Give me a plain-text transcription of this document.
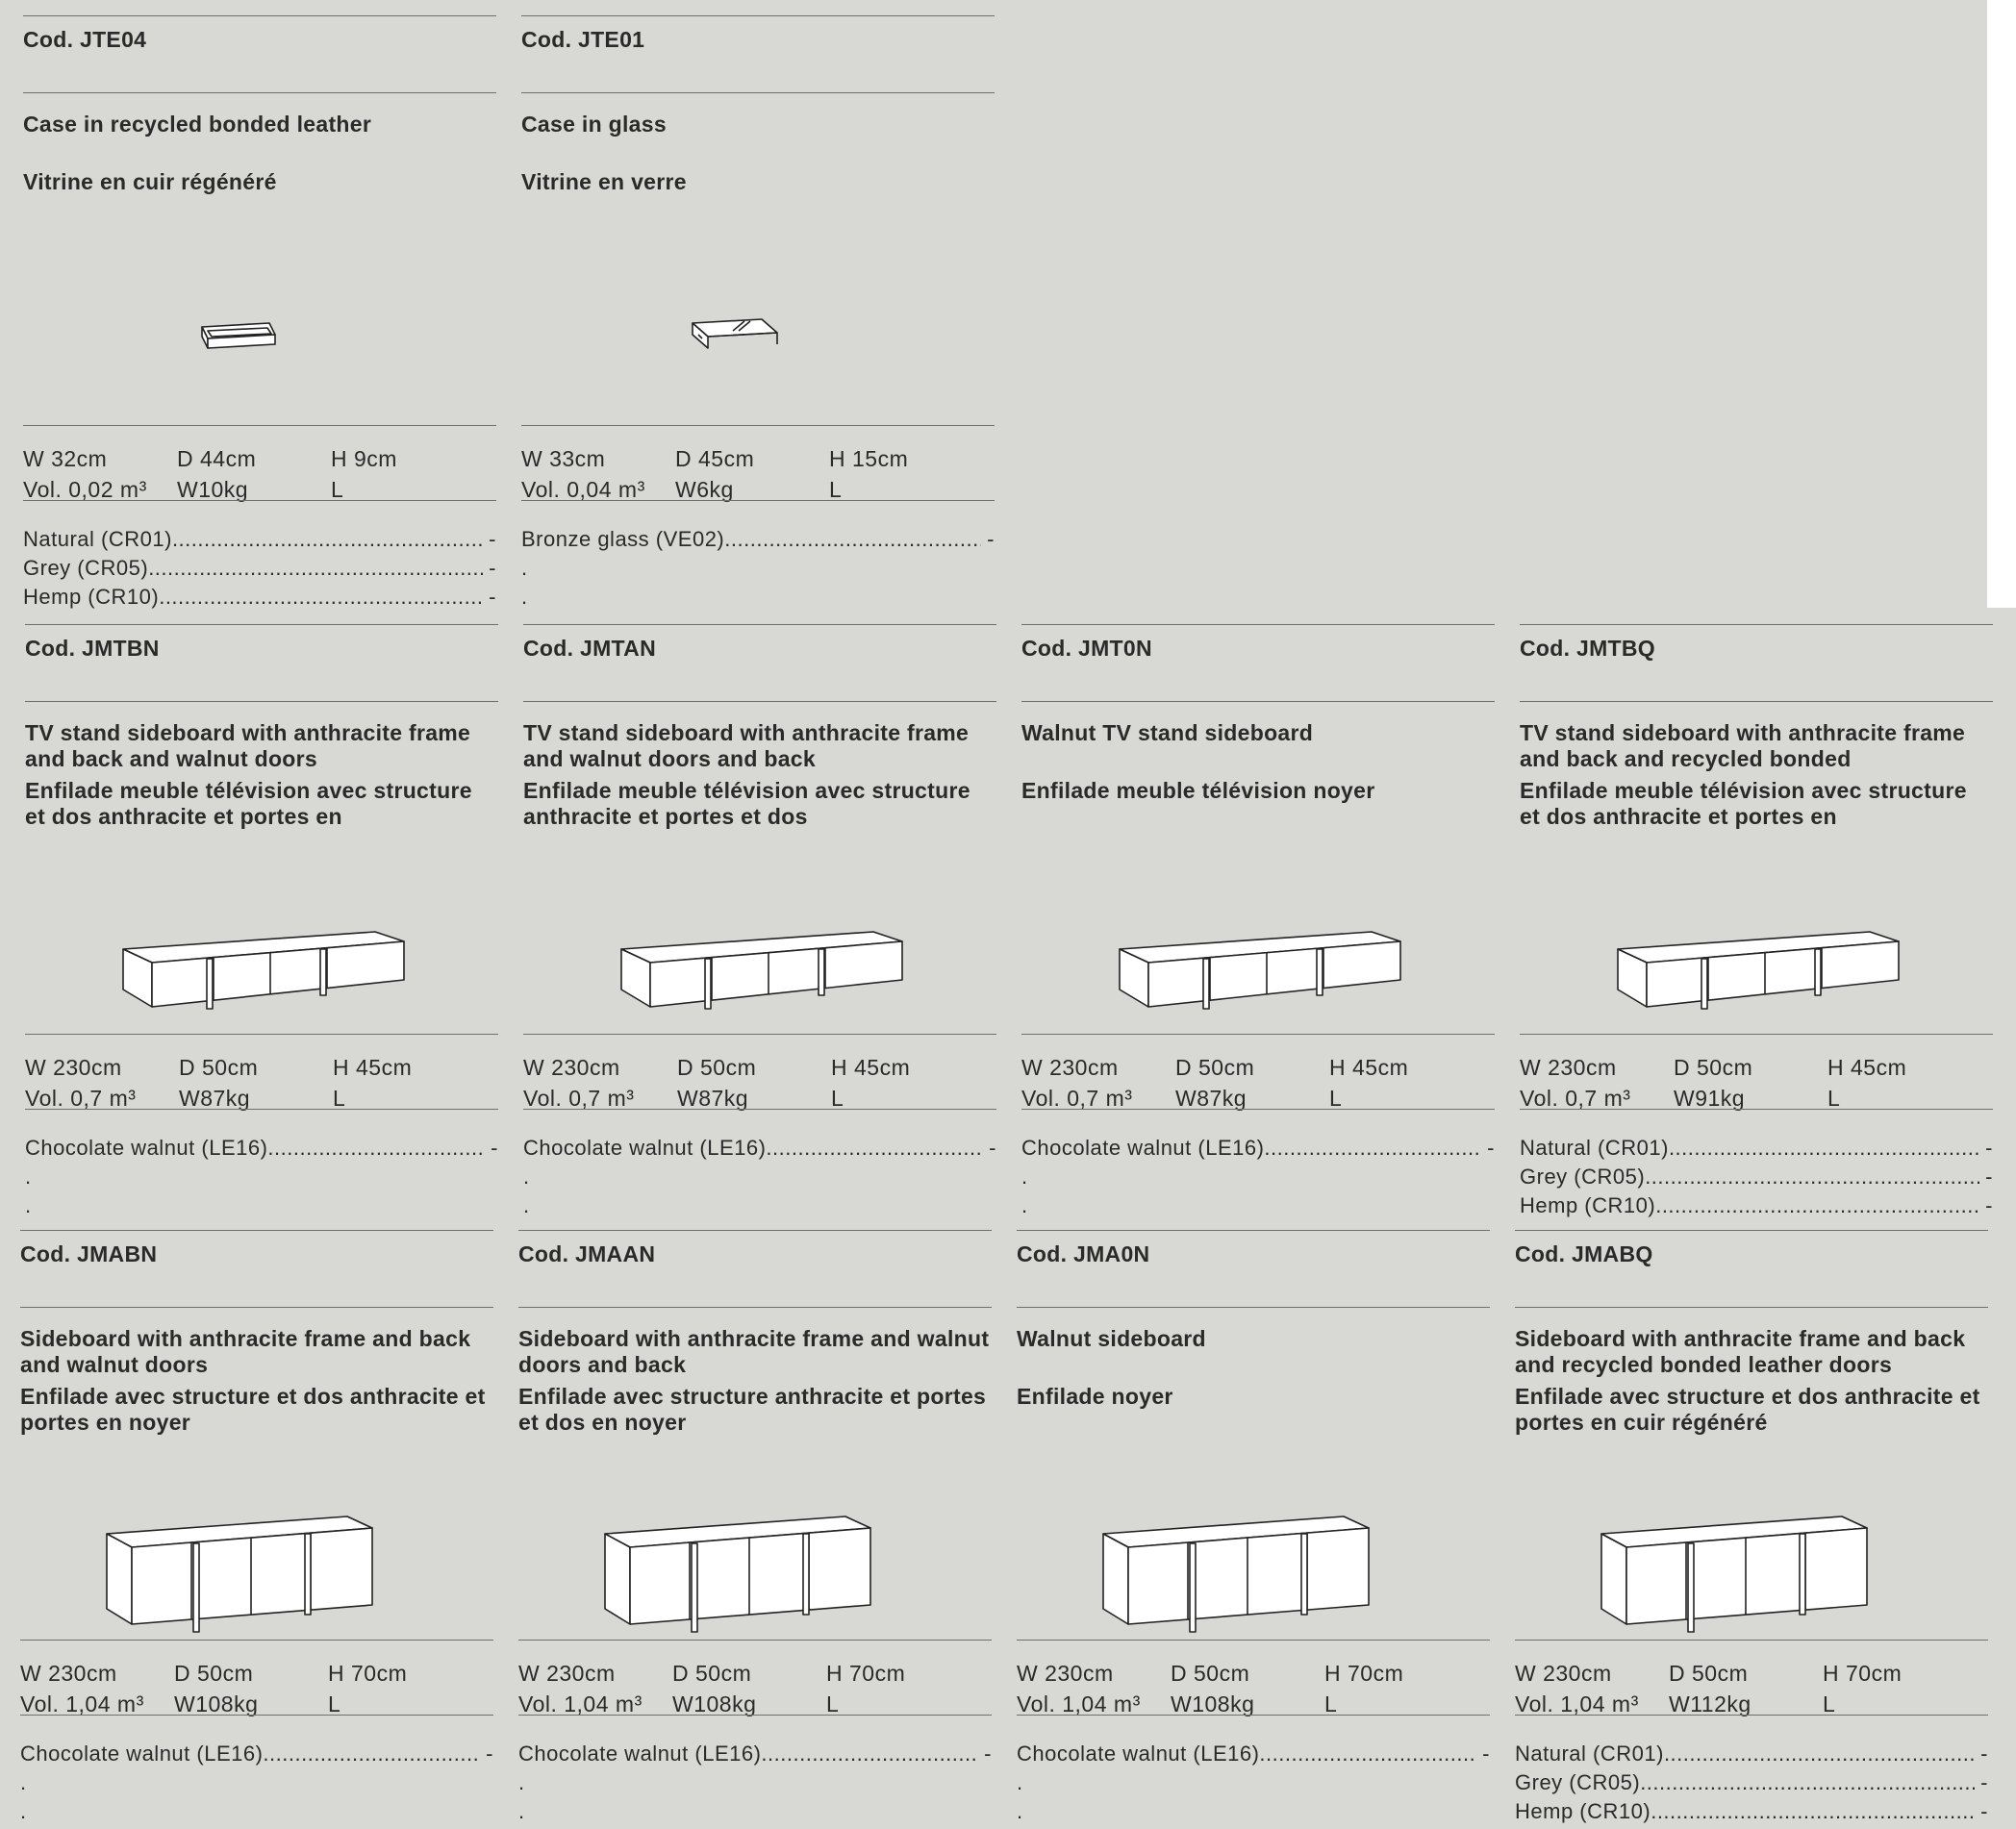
Cod. JTE04
Case in recycled bonded leather
Vitrine en cuir régénéré
W 32cm	D 44cm	H 9cm
Vol. 0,02 m³ W10kg	L
Natural (CR01) .....	-
Grey (CR05) .....	-
Hemp (CR10) .....	-
Cod. JTE01
Case in glass
Vitrine en verre
W 33cm	D 45cm	H 15cm
Vol. 0,04 m³ W6kg	L
Bronze glass (VE02) .....	-
.
.
Cod. JMTBN
TV stand sideboard with anthracite frame and back and walnut doors
Enfilade meuble télévision avec structure et dos anthracite et portes en
W 230cm	D 50cm	H 45cm
Vol. 0,7 m³ W87kg	L
Chocolate walnut (LE16) .....	-
.
.
Cod. JMTAN
TV stand sideboard with anthracite frame and walnut doors and back
Enfilade meuble télévision avec structure anthracite et portes et dos
W 230cm	D 50cm	H 45cm
Vol. 0,7 m³ W87kg	L
Chocolate walnut (LE16) .....	-
.
.
Cod. JMT0N
Walnut TV stand sideboard
Enfilade meuble télévision noyer
W 230cm	D 50cm	H 45cm
Vol. 0,7 m³ W87kg	L
Chocolate walnut (LE16) .....	-
.
.
Cod. JMTBQ
TV stand sideboard with anthracite frame and back and recycled bonded
Enfilade meuble télévision avec structure et dos anthracite et portes en
W 230cm	D 50cm	H 45cm
Vol. 0,7 m³ W91kg	L
Natural (CR01) .....	-
Grey (CR05) .....	-
Hemp (CR10) .....	-
Cod. JMABN
Sideboard with anthracite frame and back and walnut doors
Enfilade avec structure et dos anthracite et portes en noyer
W 230cm	D 50cm	H 70cm
Vol. 1,04 m³ W108kg	L
Chocolate walnut (LE16) .....	-
.
.
Cod. JMAAN
Sideboard with anthracite frame and walnut doors and back
Enfilade avec structure anthracite et portes et dos en noyer
W 230cm	D 50cm	H 70cm
Vol. 1,04 m³ W108kg	L
Chocolate walnut (LE16) .....	-
.
.
Cod. JMA0N
Walnut sideboard
Enfilade noyer
W 230cm	D 50cm	H 70cm
Vol. 1,04 m³ W108kg	L
Chocolate walnut (LE16) .....	-
.
.
Cod. JMABQ
Sideboard with anthracite frame and back and recycled bonded leather doors
Enfilade avec structure et dos anthracite et portes en cuir régénéré
W 230cm	D 50cm	H 70cm
Vol. 1,04 m³ W112kg	L
Natural (CR01) .....	-
Grey (CR05) .....	-
Hemp (CR10) .....	-
